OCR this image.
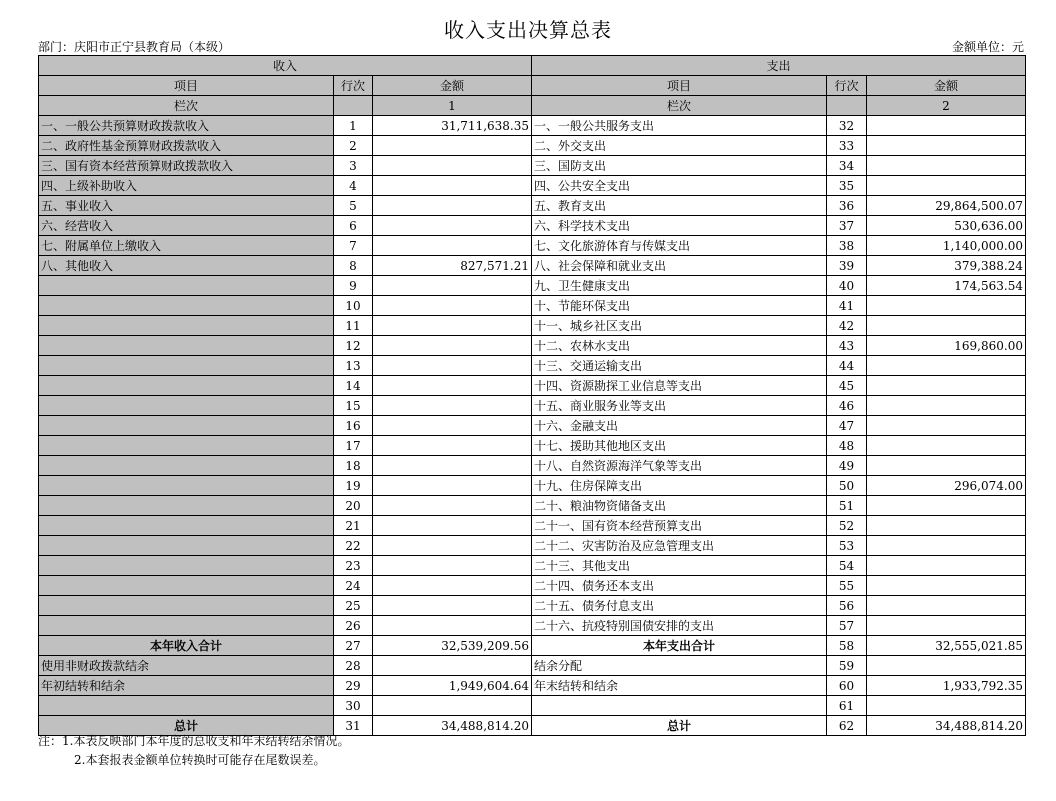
收入支出决算总表
部门：庆阳市正宁县教育局（本级）	金额单位：元
收入			支出		
项目	行次	金额	项目	行次	金额
栏次		1	栏次		2
一、一般公共预算财政拨款收入	1	31,711,638.35	一、一般公共服务支出	32	
二、政府性基金预算财政拨款收入	2		二、外交支出	33	
三、国有资本经营预算财政拨款收入	3		三、国防支出	34	
四、上级补助收入	4		四、公共安全支出	35	
五、事业收入	5		五、教育支出	36	29,864,500.07
六、经营收入	6		六、科学技术支出	37	530,636.00
七、附属单位上缴收入	7		七、文化旅游体育与传媒支出	38	1,140,000.00
八、其他收入	8	827,571.21	八、社会保障和就业支出	39	379,388.24
	9		九、卫生健康支出	40	174,563.54
	10		十、节能环保支出	41	
	11		十一、城乡社区支出	42	
	12		十二、农林水支出	43	169,860.00
	13		十三、交通运输支出	44	
	14		十四、资源勘探工业信息等支出	45	
	15		十五、商业服务业等支出	46	
	16		十六、金融支出	47	
	17		十七、援助其他地区支出	48	
	18		十八、自然资源海洋气象等支出	49	
	19		十九、住房保障支出	50	296,074.00
	20		二十、粮油物资储备支出	51	
	21		二十一、国有资本经营预算支出	52	
	22		二十二、灾害防治及应急管理支出	53	
	23		二十三、其他支出	54	
	24		二十四、债务还本支出	55	
	25		二十五、债务付息支出	56	
	26		二十六、抗疫特别国债安排的支出	57	
本年收入合计	27	32,539,209.56	本年支出合计	58	32,555,021.85
使用非财政拨款结余	28		结余分配	59	
年初结转和结余	29	1,949,604.64	年末结转和结余	60	1,933,792.35
	30			61	
总计	31	34,488,814.20	总计	62	34,488,814.20
注：1.本表反映部门本年度的总收支和年末结转结余情况。
2.本套报表金额单位转换时可能存在尾数误差。
